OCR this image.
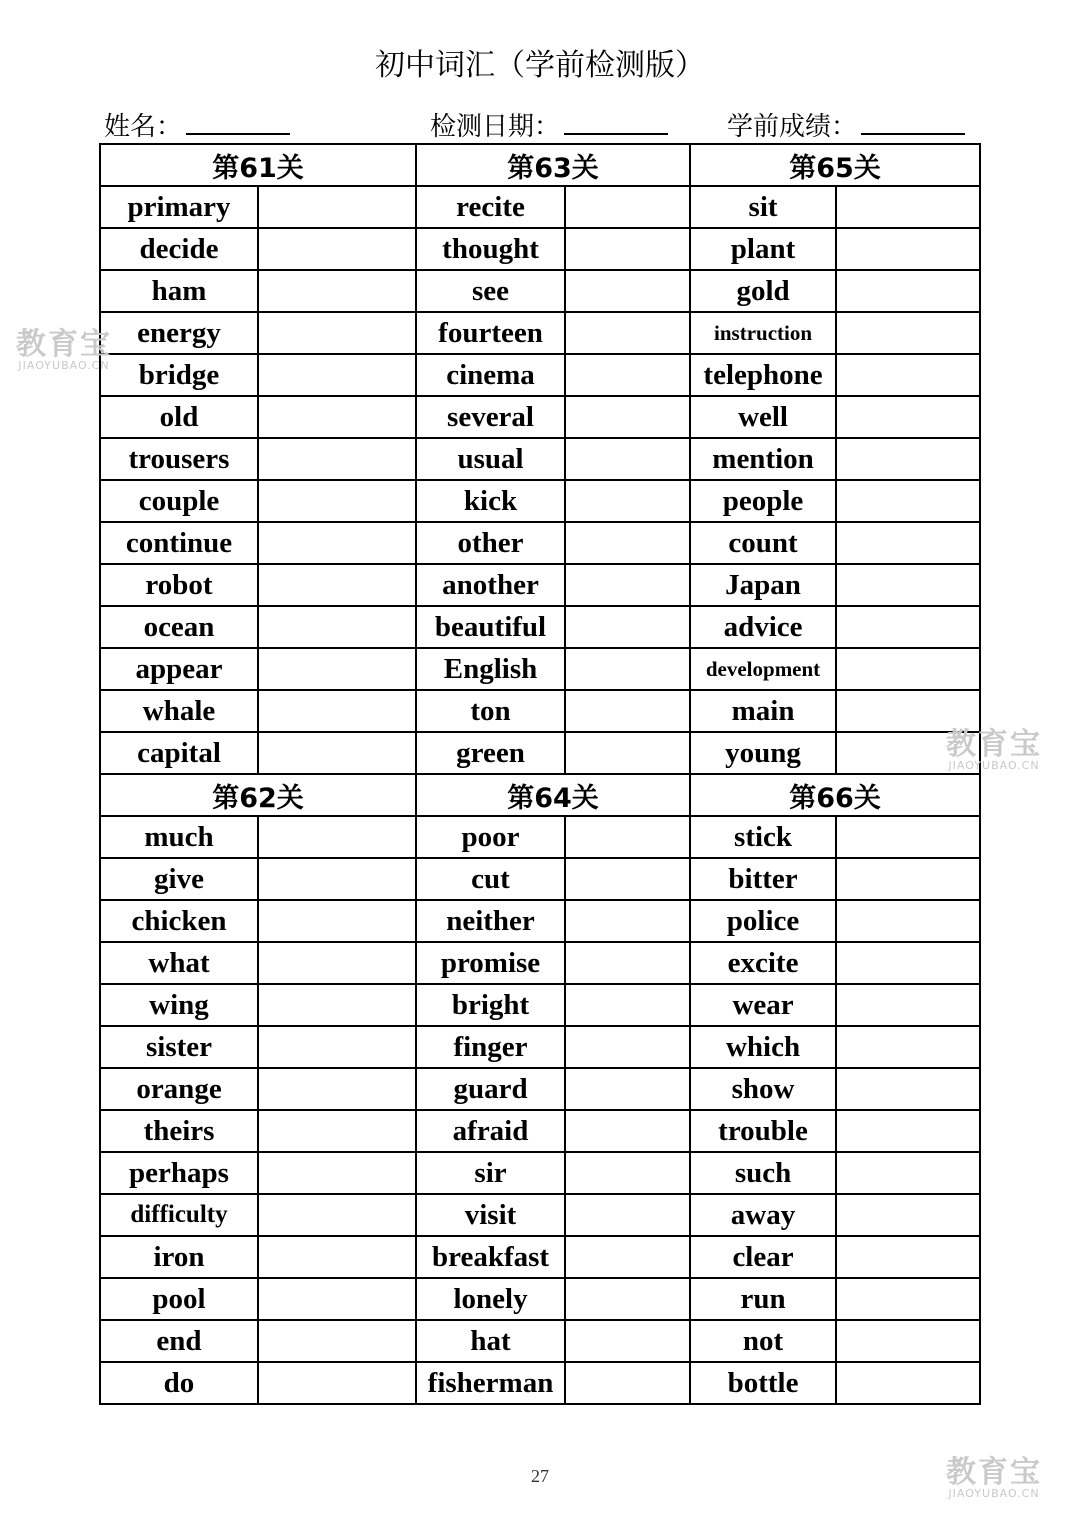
初中词汇（学前检测版）
姓名：	检测日期：	学前成绩：
第61关		第63关		第65关	
primary		recite		sit	
decide		thought		plant	
ham		see		gold	
energy		fourteen		instruction	
bridge		cinema		telephone	
old		several		well	
trousers		usual		mention	
couple		kick		people	
continue		other		count	
robot		another		Japan	
ocean		beautiful		advice	
appear		English		development	
whale		ton		main	
capital		green		young	
第62关		第64关		第66关	
much		poor		stick	
give		cut		bitter	
chicken		neither		police	
what		promise		excite	
wing		bright		wear	
sister		finger		which	
orange		guard		show	
theirs		afraid		trouble	
perhaps		sir		such	
difficulty		visit		away	
iron		breakfast		clear	
pool		lonely		run	
end		hat		not	
do		fisherman		bottle	
27
教育宝
JIAOYUBAO.CN
教育宝
JIAOYUBAO.CN
教育宝
JIAOYUBAO.CN
